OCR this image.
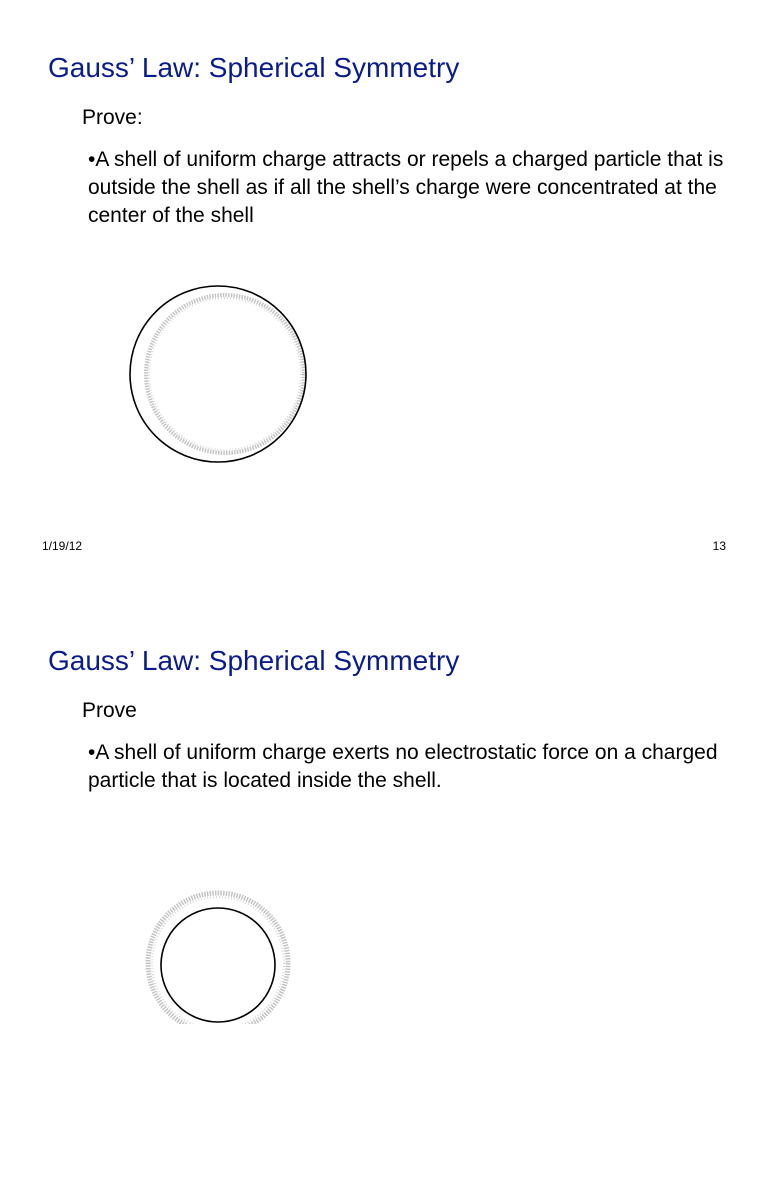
Gauss’ Law: Spherical Symmetry

Prove:

•A shell of uniform charge attracts or repels a charged particle that is outside the shell as if all the shell’s charge were concentrated at the center of the shell

1/19/12	13
Gauss’ Law: Spherical Symmetry

Prove

•A shell of uniform charge exerts no electrostatic force on a charged particle that is located inside the shell.
